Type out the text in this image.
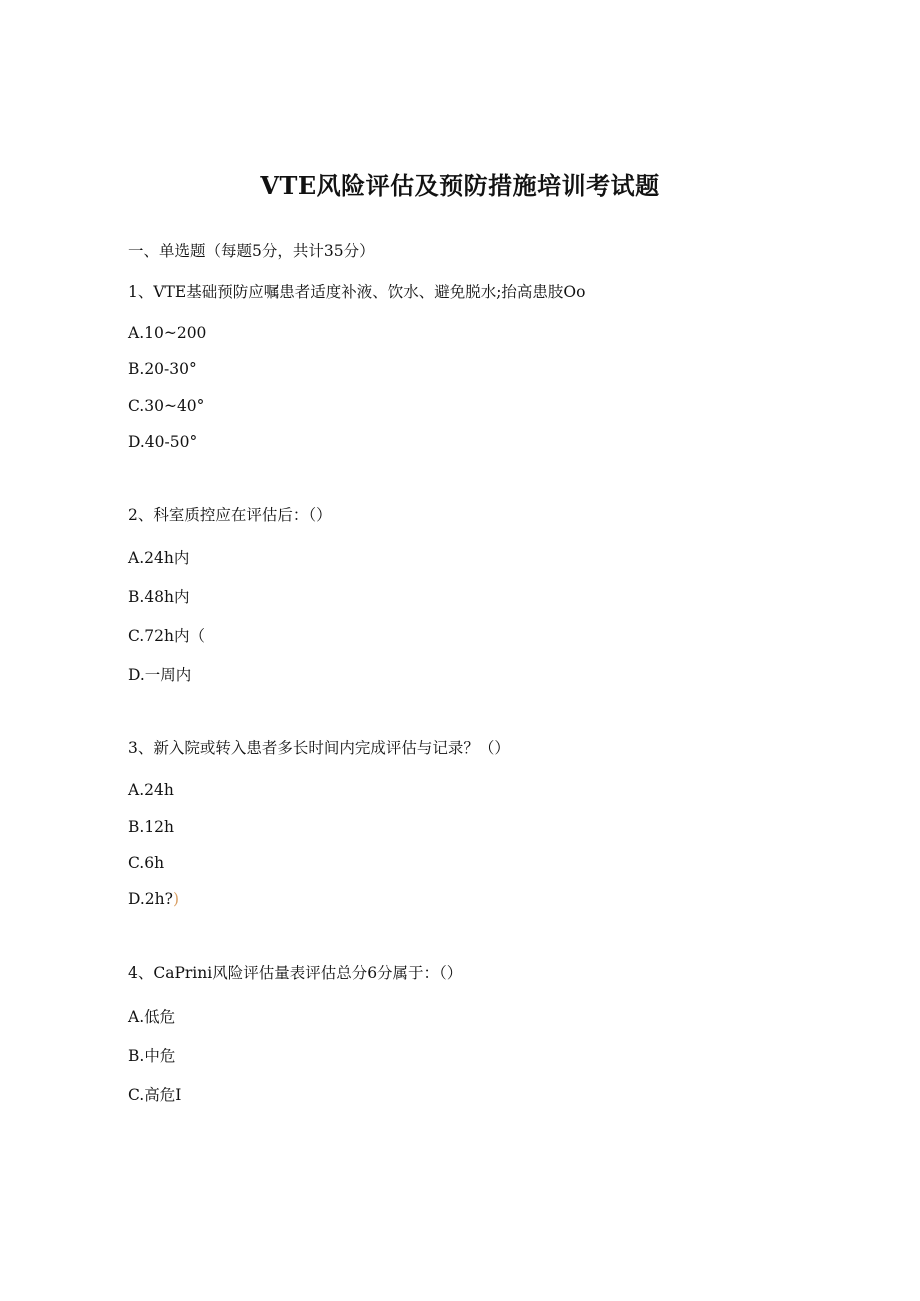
VTE风险评估及预防措施培训考试题

一、单选题（每题5分，共计35分）

1、VTE基础预防应嘱患者适度补液、饮水、避免脱水;抬高患肢Oo

A.10~200

B.20-30°

C.30~40°

D.40-50°

2、科室质控应在评估后：（）

A.24h内

B.48h内

C.72h内（

D.一周内

3、新入院或转入患者多长时间内完成评估与记录？（）

A.24h

B.12h

C.6h

D.2h?)

4、CaPrini风险评估量表评估总分6分属于：（）

A.低危

B.中危

C.高危I
